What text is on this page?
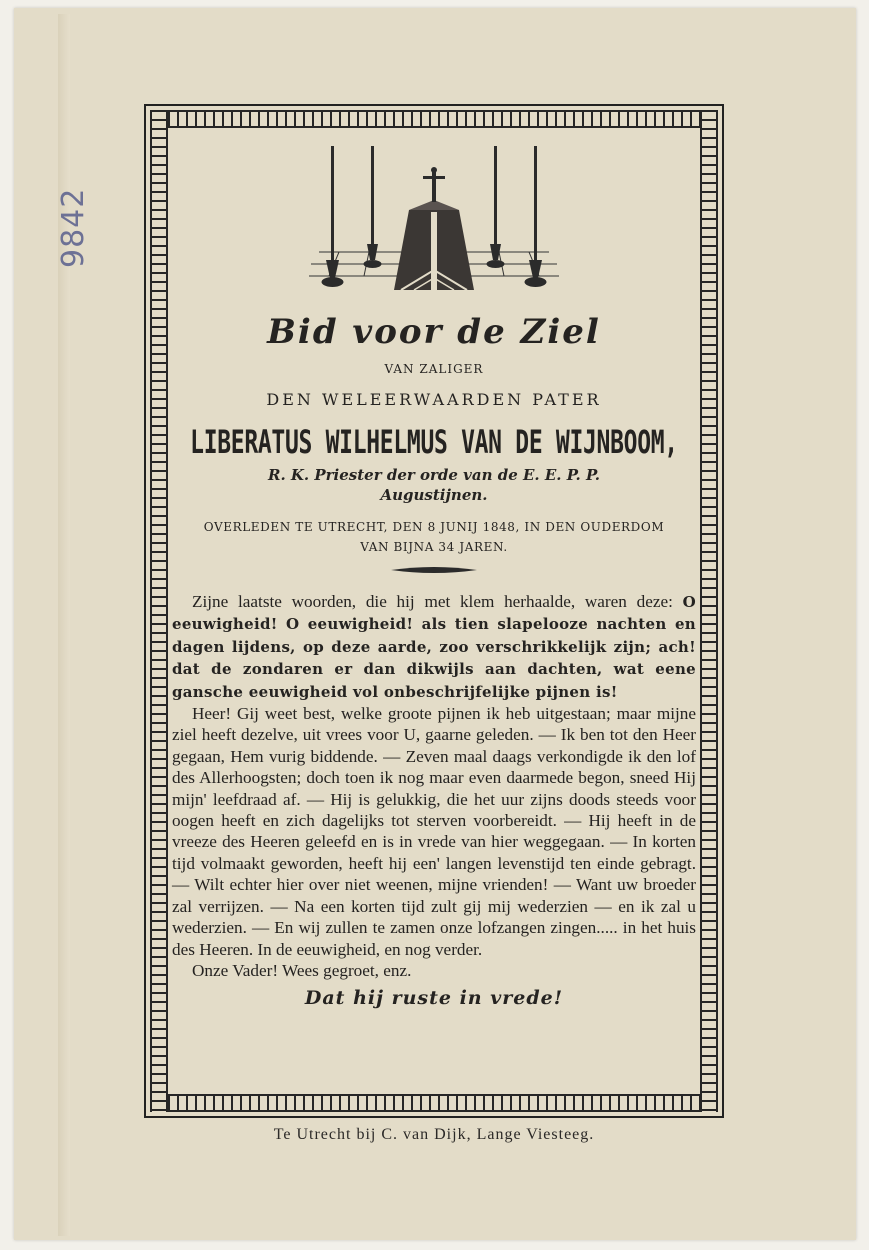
9842
Bid voor de Ziel
VAN ZALIGER
DEN WELEERWAARDEN PATER
LIBERATUS WILHELMUS VAN DE WIJNBOOM,
R. K. Priester der orde van de E. E. P. P.
Augustijnen.
OVERLEDEN TE UTRECHT, DEN 8 JUNIJ 1848, IN DEN OUDERDOM
VAN BIJNA 34 JAREN.

Zijne laatste woorden, die hij met klem herhaalde, waren deze: O eeuwigheid! O eeuwigheid! als tien slapelooze nachten en dagen lijdens, op deze aarde, zoo verschrikkelijk zijn; ach! dat de zondaren er dan dikwijls aan dachten, wat eene gansche eeuwigheid vol onbeschrijfelijke pijnen is!

Heer! Gij weet best, welke groote pijnen ik heb uitgestaan; maar mijne ziel heeft dezelve, uit vrees voor U, gaarne geleden. — Ik ben tot den Heer gegaan, Hem vurig biddende. — Zeven maal daags verkondigde ik den lof des Allerhoogsten; doch toen ik nog maar even daarmede begon, sneed Hij mijn' leefdraad af. — Hij is gelukkig, die het uur zijns doods steeds voor oogen heeft en zich dagelijks tot sterven voorbereidt. — Hij heeft in de vreeze des Heeren geleefd en is in vrede van hier weggegaan. — In korten tijd volmaakt geworden, heeft hij een' langen levenstijd ten einde gebragt. — Wilt echter hier over niet weenen, mijne vrienden! — Want uw broeder zal verrijzen. — Na een korten tijd zult gij mij wederzien — en ik zal u wederzien. — En wij zullen te zamen onze lofzangen zingen..... in het huis des Heeren. In de eeuwigheid, en nog verder.

Onze Vader! Wees gegroet, enz.

Dat hij ruste in vrede!
Te Utrecht bij C. van Dijk, Lange Viesteeg.
